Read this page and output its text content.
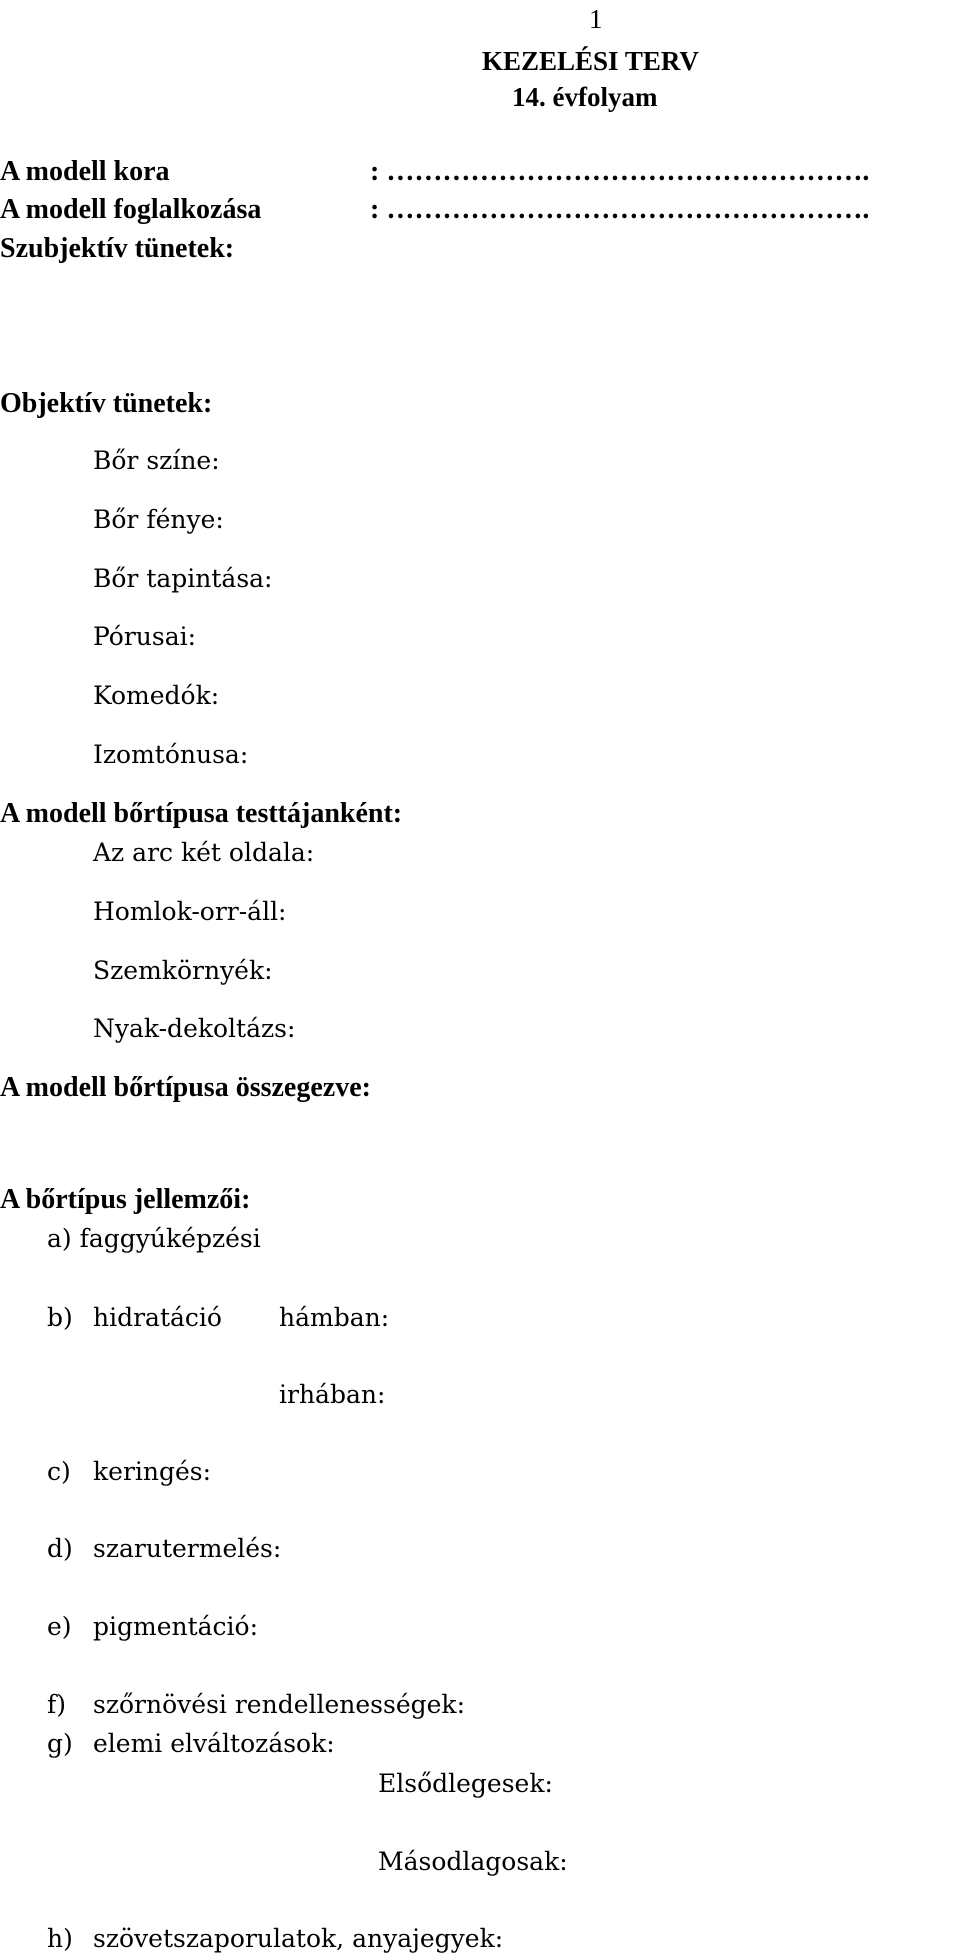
1
KEZELÉSI TERV
14. évfolyam
A modell kora	: …………………………………………….
A modell foglalkozása	: …………………………………………….
Szubjektív tünetek:
Objektív tünetek:
Bőr színe:
Bőr fénye:
Bőr tapintása:
Pórusai:
Komedók:
Izomtónusa:
A modell bőrtípusa testtájanként:
Az arc két oldala:
Homlok-orr-áll:
Szemkörnyék:
Nyak-dekoltázs:
A modell bőrtípusa összegezve:
A bőrtípus jellemzői:
a) faggyúképzési
b) hidratáció hámban:
irhában:
c) keringés:
d) szarutermelés:
e) pigmentáció:
f) szőrnövési rendellenességek:
g) elemi elváltozások:
Elsődlegesek:
Másodlagosak:
h) szövetszaporulatok, anyajegyek:
